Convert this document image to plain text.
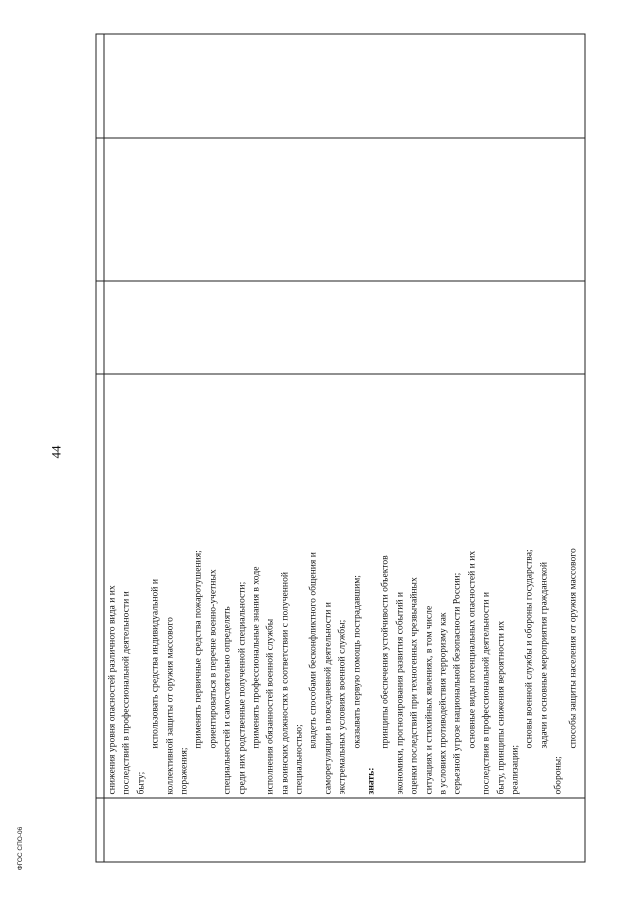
44
снижения уровня опасностей различного вида и их последствий в профессиональной деятельности и быту;
использовать средства индивидуальной и коллективной защиты от оружия массового поражения;
применять первичные средства пожаротушения; ориентироваться в перечне военно-учетных специальностей и самостоятельно определять среди них родственные полученной специальности; применять профессиональные знания в ходе исполнения обязанностей военной службы на воинских должностях в соответствии с полученной специальностью;
владеть способами бесконфликтного общения и саморегуляции в повседневной деятельности и экстремальных условиях военной службы; оказывать первую помощь пострадавшим;
знать:
принципы обеспечения устойчивости объектов экономики, прогнозирования развития событий и оценки последствий при техногенных чрезвычайных ситуациях и стихийных явлениях, в том числе в условиях противодействия терроризму как серьезной угрозе национальной безопасности России; основные виды потенциальных опасностей и их последствия в профессиональной деятельности и быту, принципы снижения вероятности их реализации;
основы военной службы и обороны государства; задачи и основные мероприятия гражданской
обороны;
способы защиты населения от оружия массового
ФГОС СПО-06
